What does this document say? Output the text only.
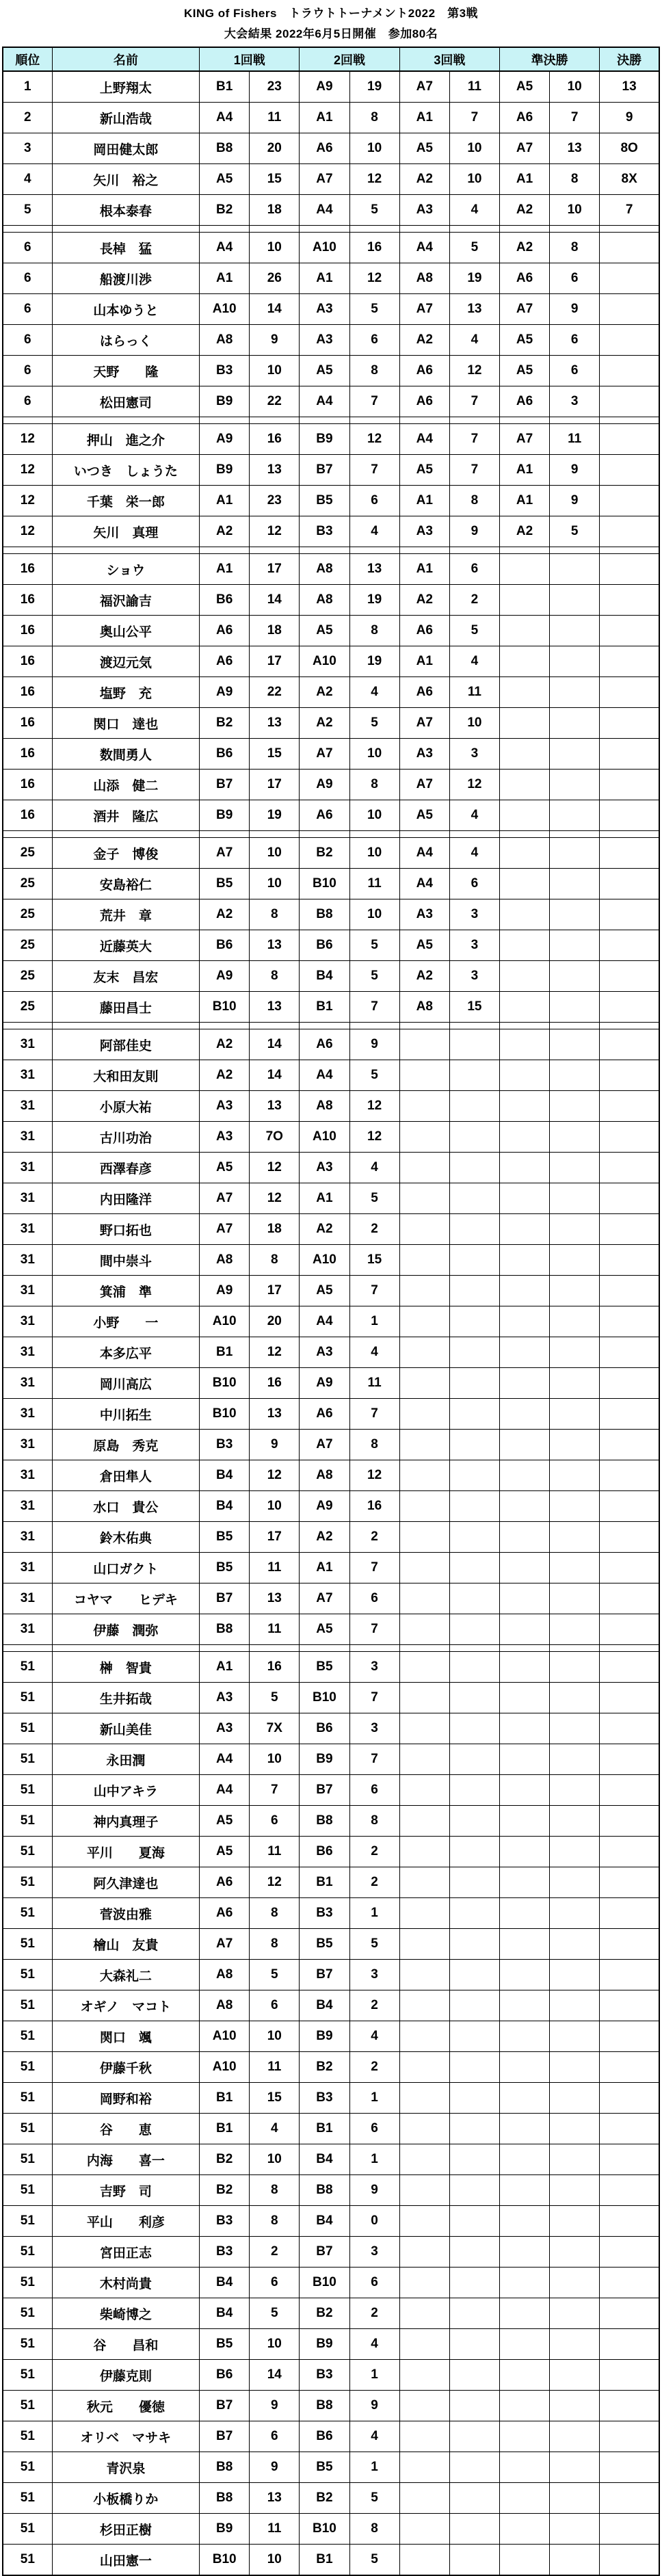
KING of Fishers　トラウトトーナメント2022　第3戦
大会結果 2022年6月5日開催　参加80名
順位	名前	1回戦		2回戦		3回戦		準決勝		決勝
1	上野翔太	B1	23	A9	19	A7	11	A5	10	13
2	新山浩哉	A4	11	A1	8	A1	7	A6	7	9
3	岡田健太郎	B8	20	A6	10	A5	10	A7	13	8O
4	矢川　裕之	A5	15	A7	12	A2	10	A1	8	8X
5	根本泰春	B2	18	A4	5	A3	4	A2	10	7

6	長棹　猛	A4	10	A10	16	A4	5	A2	8	
6	船渡川渉	A1	26	A1	12	A8	19	A6	6	
6	山本ゆうと	A10	14	A3	5	A7	13	A7	9	
6	はらっく	A8	9	A3	6	A2	4	A5	6	
6	天野　　隆	B3	10	A5	8	A6	12	A5	6	
6	松田憲司	B9	22	A4	7	A6	7	A6	3	

12	押山　進之介	A9	16	B9	12	A4	7	A7	11	
12	いつき　しょうた	B9	13	B7	7	A5	7	A1	9	
12	千葉　栄一郎	A1	23	B5	6	A1	8	A1	9	
12	矢川　真理	A2	12	B3	4	A3	9	A2	5	

16	ショウ	A1	17	A8	13	A1	6			
16	福沢諭吉	B6	14	A8	19	A2	2			
16	奥山公平	A6	18	A5	8	A6	5			
16	渡辺元気	A6	17	A10	19	A1	4			
16	塩野　充	A9	22	A2	4	A6	11			
16	関口　達也	B2	13	A2	5	A7	10			
16	数間勇人	B6	15	A7	10	A3	3			
16	山添　健二	B7	17	A9	8	A7	12			
16	酒井　隆広	B9	19	A6	10	A5	4			

25	金子　博俊	A7	10	B2	10	A4	4			
25	安島裕仁	B5	10	B10	11	A4	6			
25	荒井　章	A2	8	B8	10	A3	3			
25	近藤英大	B6	13	B6	5	A5	3			
25	友末　昌宏	A9	8	B4	5	A2	3			
25	藤田昌士	B10	13	B1	7	A8	15			

31	阿部佳史	A2	14	A6	9					
31	大和田友則	A2	14	A4	5					
31	小原大祐	A3	13	A8	12					
31	古川功治	A3	7O	A10	12					
31	西澤春彦	A5	12	A3	4					
31	内田隆洋	A7	12	A1	5					
31	野口拓也	A7	18	A2	2					
31	間中崇斗	A8	8	A10	15					
31	箕浦　準	A9	17	A5	7					
31	小野　　一	A10	20	A4	1					
31	本多広平	B1	12	A3	4					
31	岡川高広	B10	16	A9	11					
31	中川拓生	B10	13	A6	7					
31	原島　秀克	B3	9	A7	8					
31	倉田隼人	B4	12	A8	12					
31	水口　貴公	B4	10	A9	16					
31	鈴木佑典	B5	17	A2	2					
31	山口ガクト	B5	11	A1	7					
31	コヤマ　　ヒデキ	B7	13	A7	6					
31	伊藤　潤弥	B8	11	A5	7					

51	榊　智貴	A1	16	B5	3					
51	生井拓哉	A3	5	B10	7					
51	新山美佳	A3	7X	B6	3					
51	永田潤	A4	10	B9	7					
51	山中アキラ	A4	7	B7	6					
51	神内真理子	A5	6	B8	8					
51	平川　　夏海	A5	11	B6	2					
51	阿久津達也	A6	12	B1	2					
51	菅波由雅	A6	8	B3	1					
51	檜山　友貴	A7	8	B5	5					
51	大森礼二	A8	5	B7	3					
51	オギノ　マコト	A8	6	B4	2					
51	関口　颯	A10	10	B9	4					
51	伊藤千秋	A10	11	B2	2					
51	岡野和裕	B1	15	B3	1					
51	谷　　恵	B1	4	B1	6					
51	内海　　喜一	B2	10	B4	1					
51	吉野　司	B2	8	B8	9					
51	平山　　利彦	B3	8	B4	0					
51	宮田正志	B3	2	B7	3					
51	木村尚貴	B4	6	B10	6					
51	柴崎博之	B4	5	B2	2					
51	谷　　昌和	B5	10	B9	4					
51	伊藤克則	B6	14	B3	1					
51	秋元　　優徳	B7	9	B8	9					
51	オリベ　マサキ	B7	6	B6	4					
51	青沢泉	B8	9	B5	1					
51	小板橋りか	B8	13	B2	5					
51	杉田正樹	B9	11	B10	8					
51	山田憲一	B10	10	B1	5					
